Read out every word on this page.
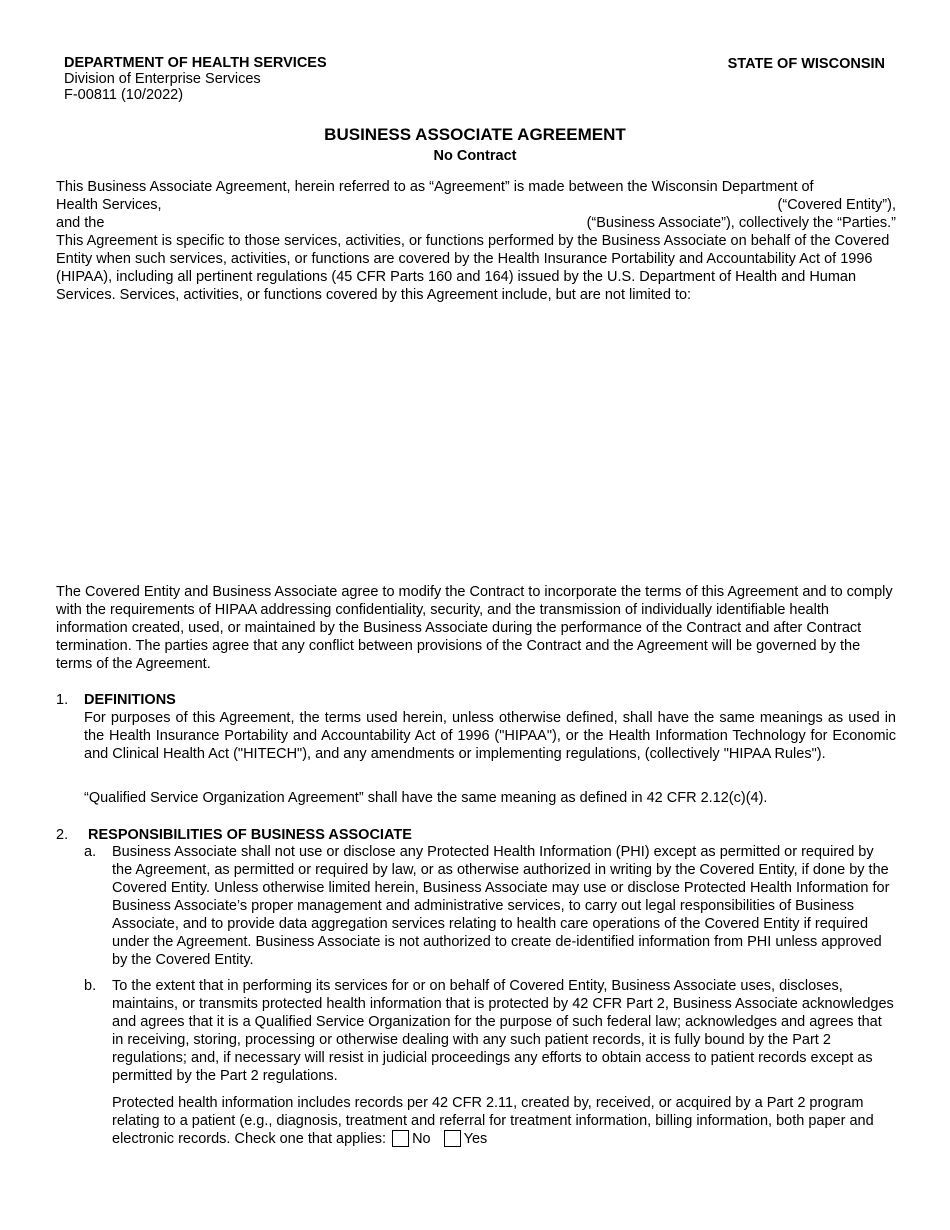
DEPARTMENT OF HEALTH SERVICES
Division of Enterprise Services
F-00811 (10/2022)
STATE OF WISCONSIN
BUSINESS ASSOCIATE AGREEMENT
No Contract
This Business Associate Agreement, herein referred to as “Agreement” is made between the Wisconsin Department of
Health Services,	(“Covered Entity”),
and the	(“Business Associate”), collectively the “Parties.”
This Agreement is specific to those services, activities, or functions performed by the Business Associate on behalf of the Covered Entity when such services, activities, or functions are covered by the Health Insurance Portability and Accountability Act of 1996 (HIPAA), including all pertinent regulations (45 CFR Parts 160 and 164) issued by the U.S. Department of Health and Human Services. Services, activities, or functions covered by this Agreement include, but are not limited to:
The Covered Entity and Business Associate agree to modify the Contract to incorporate the terms of this Agreement and to comply with the requirements of HIPAA addressing confidentiality, security, and the transmission of individually identifiable health information created, used, or maintained by the Business Associate during the performance of the Contract and after Contract termination. The parties agree that any conflict between provisions of the Contract and the Agreement will be governed by the terms of the Agreement.
1. DEFINITIONS
For purposes of this Agreement, the terms used herein, unless otherwise defined, shall have the same meanings as used in the Health Insurance Portability and Accountability Act of 1996 ("HIPAA"), or the Health Information Technology for Economic and Clinical Health Act ("HITECH"), and any amendments or implementing regulations, (collectively "HIPAA Rules").
“Qualified Service Organization Agreement” shall have the same meaning as defined in 42 CFR 2.12(c)(4).
2. RESPONSIBILITIES OF BUSINESS ASSOCIATE
a. Business Associate shall not use or disclose any Protected Health Information (PHI) except as permitted or required by the Agreement, as permitted or required by law, or as otherwise authorized in writing by the Covered Entity, if done by the Covered Entity. Unless otherwise limited herein, Business Associate may use or disclose Protected Health Information for Business Associate’s proper management and administrative services, to carry out legal responsibilities of Business Associate, and to provide data aggregation services relating to health care operations of the Covered Entity if required under the Agreement. Business Associate is not authorized to create de-identified information from PHI unless approved by the Covered Entity.
b. To the extent that in performing its services for or on behalf of Covered Entity, Business Associate uses, discloses, maintains, or transmits protected health information that is protected by 42 CFR Part 2, Business Associate acknowledges and agrees that it is a Qualified Service Organization for the purpose of such federal law; acknowledges and agrees that in receiving, storing, processing or otherwise dealing with any such patient records, it is fully bound by the Part 2 regulations; and, if necessary will resist in judicial proceedings any efforts to obtain access to patient records except as permitted by the Part 2 regulations.
Protected health information includes records per 42 CFR 2.11, created by, received, or acquired by a Part 2 program relating to a patient (e.g., diagnosis, treatment and referral for treatment information, billing information, both paper and electronic records. Check one that applies: No Yes
